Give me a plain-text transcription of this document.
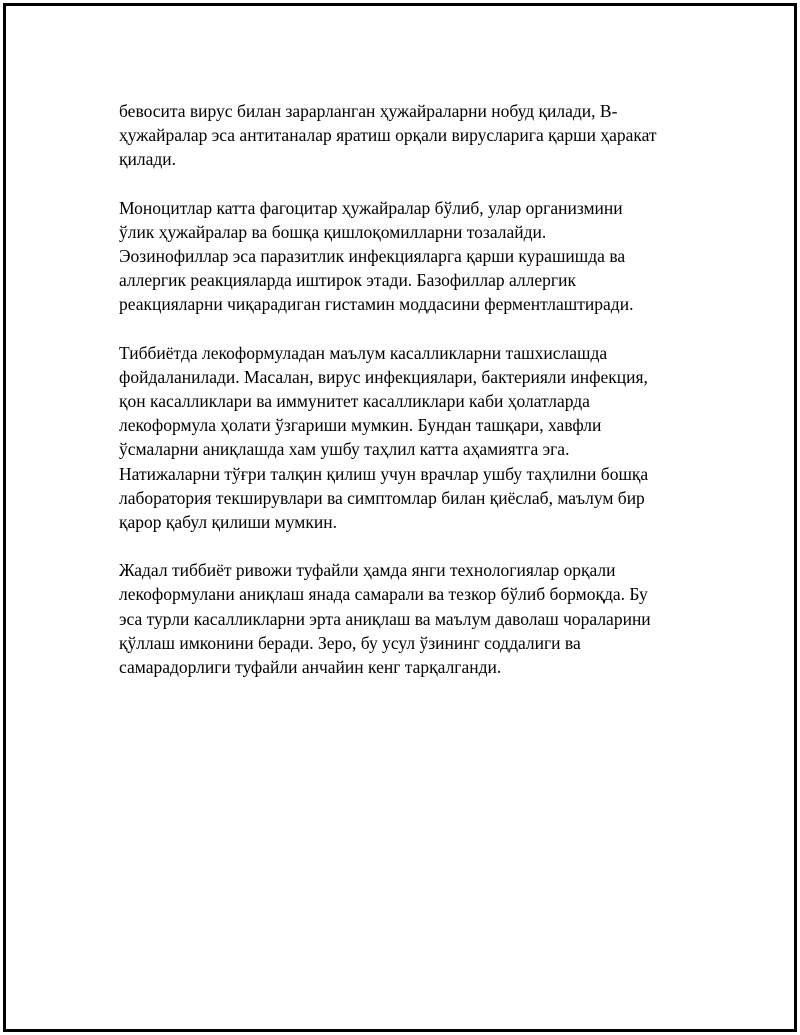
бевосита вирус билан зарарланган ҳужайраларни нобуд қилади, В-
ҳужайралар эса антитаналар яратиш орқали вирусларига қарши ҳаракат
қилади.

Моноцитлар катта фагоцитар ҳужайралар бўлиб, улар организмини
ўлик ҳужайралар ва бошқа қишлоқомилларни тозалайди.
Эозинофиллар эса паразитлик инфекцияларга қарши курашишда ва
аллергик реакцияларда иштирок этади. Базофиллар аллергик
реакцияларни чиқарадиган гистамин моддасини ферментлаштиради.

Тиббиётда лекоформуладан маълум касалликларни ташхислашда
фойдаланилади. Масалан, вирус инфекциялари, бактерияли инфекция,
қон касалликлари ва иммунитет касалликлари каби ҳолатларда
лекоформула ҳолати ўзгариши мумкин. Бундан ташқари, хавфли
ўсмаларни аниқлашда хам ушбу таҳлил катта аҳамиятга эга.
Натижаларни тўғри талқин қилиш учун врачлар ушбу таҳлилни бошқа
лаборатория текширувлари ва симптомлар билан қиёслаб, маълум бир
қарор қабул қилиши мумкин.

Жадал тиббиёт ривожи туфайли ҳамда янги технологиялар орқали
лекоформулани аниқлаш янада самарали ва тезкор бўлиб бормоқда. Бу
эса турли касалликларни эрта аниқлаш ва маълум даволаш чораларини
қўллаш имконини беради. Зеро, бу усул ўзининг соддалиги ва
самарадорлиги туфайли анчайин кенг тарқалганди.
